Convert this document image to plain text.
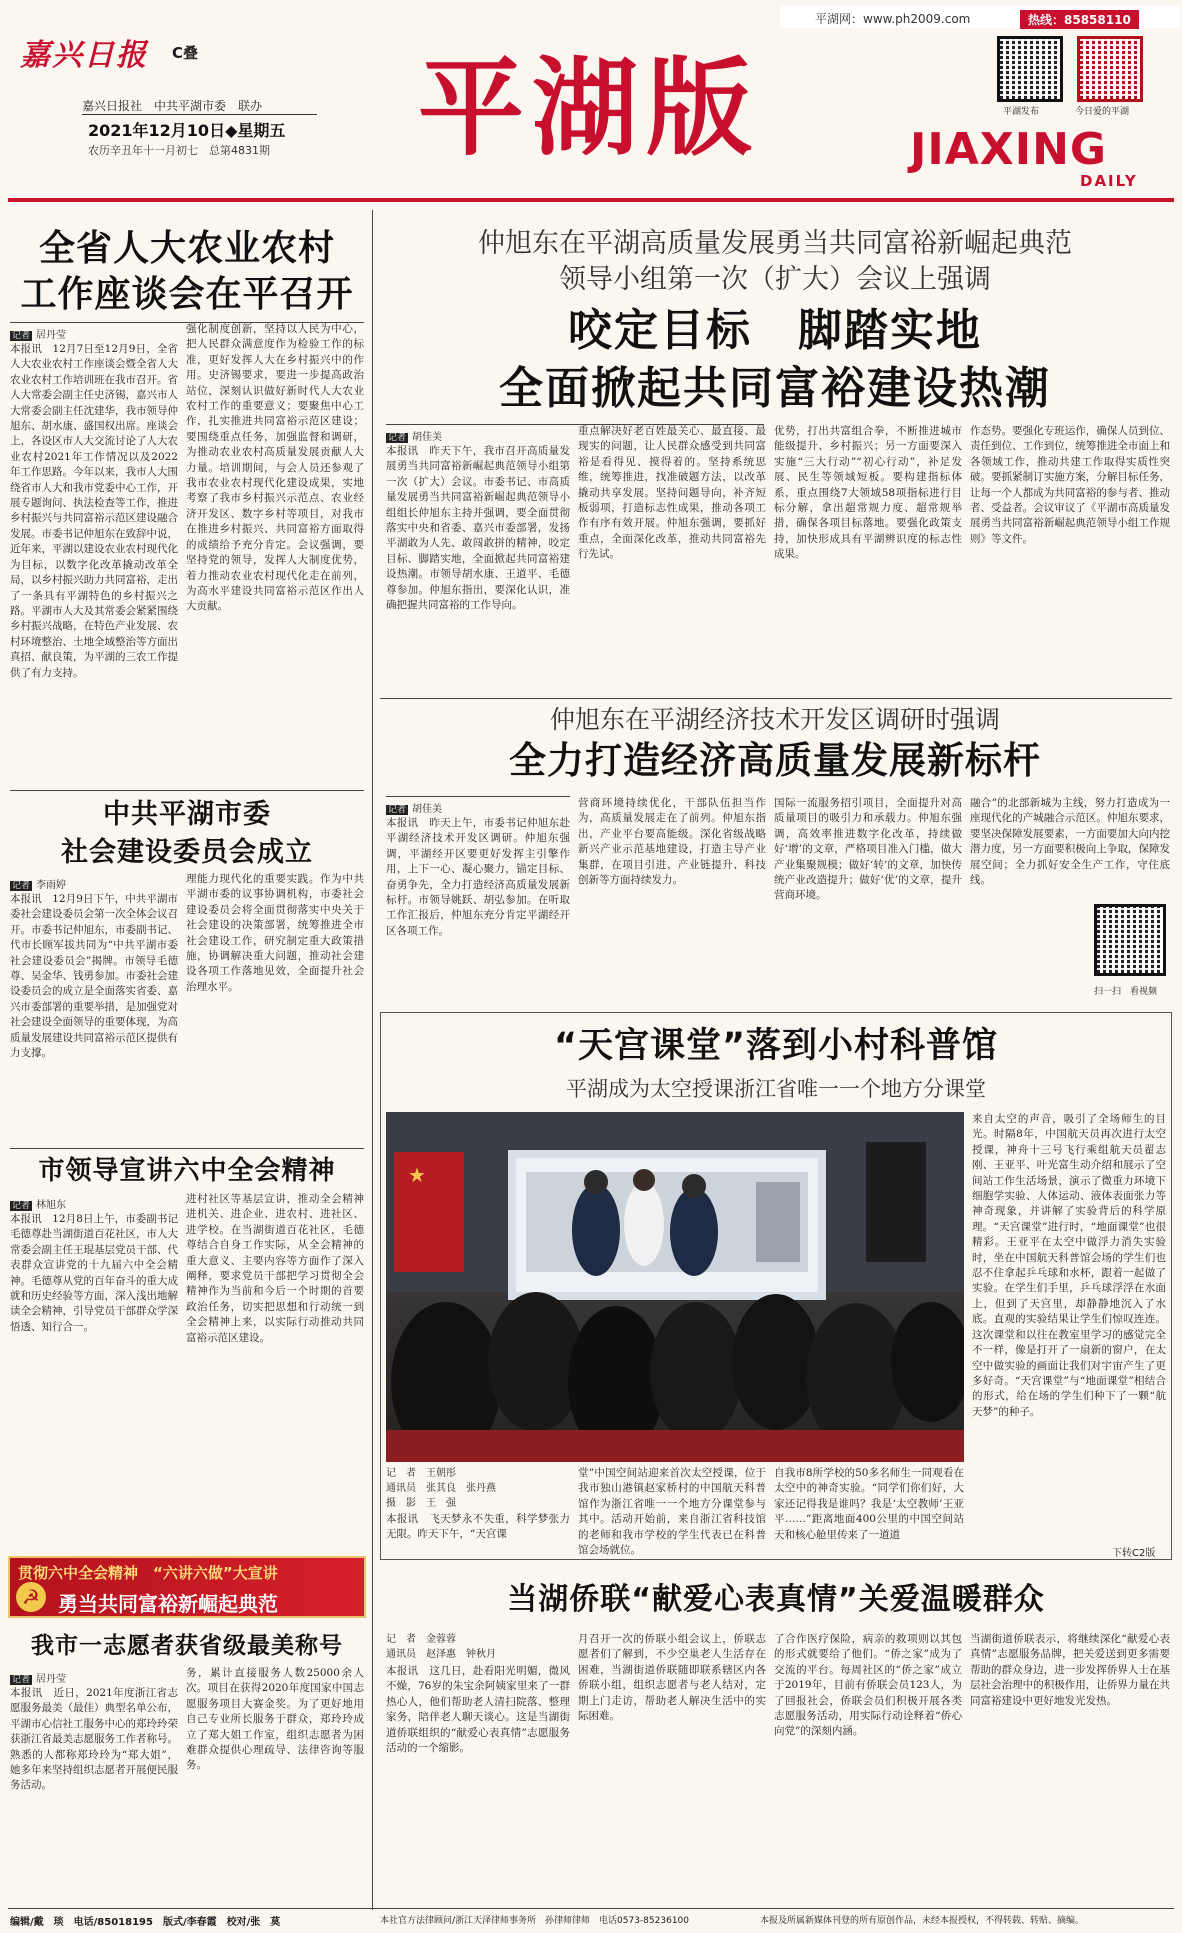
平湖网：www.ph2009.com	热线：85858110
嘉兴日报 C叠
嘉兴日报社　中共平湖市委　联办
2021年12月10日◆星期五
农历辛丑年十一月初七　总第4831期 平湖版	平湖发布	今日爱的平湖
JIAXING
DAILY
全省人大农业农村
工作座谈会在平召开
记者 居丹莹
本报讯　12月7日至12月9日，全省人大农业农村工作座谈会暨全省人大农业农村工作培训班在我市召开。省人大常委会副主任史济锡，嘉兴市人大常委会副主任沈建华，我市领导仲旭东、胡水康、盛国权出席。座谈会上，各设区市人大交流讨论了人大农业农村2021年工作情况以及2022年工作思路。今年以来，我市人大围绕省市人大和我市党委中心工作，开展专题询问、执法检查等工作，推进乡村振兴与共同富裕示范区建设融合发展。市委书记仲旭东在致辞中说，近年来，平湖以建设农业农村现代化为目标，以数字化改革撬动改革全局，以乡村振兴助力共同富裕，走出了一条具有平湖特色的乡村振兴之路。平湖市人大及其常委会紧紧围绕乡村振兴战略，在特色产业发展、农村环境整治、土地全域整治等方面出真招、献良策，为平湖的三农工作提供了有力支持。
强化制度创新，坚持以人民为中心，把人民群众满意度作为检验工作的标准，更好发挥人大在乡村振兴中的作用。史济锡要求，要进一步提高政治站位，深刻认识做好新时代人大农业农村工作的重要意义；要聚焦中心工作，扎实推进共同富裕示范区建设；要围绕重点任务，加强监督和调研，为推动农业农村高质量发展贡献人大力量。培训期间，与会人员还参观了我市农业农村现代化建设成果，实地考察了我市乡村振兴示范点、农业经济开发区、数字乡村等项目，对我市在推进乡村振兴、共同富裕方面取得的成绩给予充分肯定。会议强调，要坚持党的领导，发挥人大制度优势，着力推动农业农村现代化走在前列，为高水平建设共同富裕示范区作出人大贡献。
中共平湖市委
社会建设委员会成立
记者 李雨婷
本报讯　12月9日下午，中共平湖市委社会建设委员会第一次全体会议召开。市委书记仲旭东，市委副书记、代市长顾军拔共同为“中共平湖市委社会建设委员会”揭牌。市领导毛德尊、吴金华、钱勇参加。市委社会建设委员会的成立是全面落实省委、嘉兴市委部署的重要举措，是加强党对社会建设全面领导的重要体现，为高质量发展建设共同富裕示范区提供有力支撑。
理能力现代化的重要实践。作为中共平湖市委的议事协调机构，市委社会建设委员会将全面贯彻落实中央关于社会建设的决策部署，统筹推进全市社会建设工作，研究制定重大政策措施，协调解决重大问题，推动社会建设各项工作落地见效，全面提升社会治理水平。
市领导宣讲六中全会精神
记者 林旭东
本报讯　12月8日上午，市委副书记毛德尊赴当湖街道百花社区，市人大常委会副主任王琨基层党员干部、代表群众宣讲党的十九届六中全会精神。毛德尊从党的百年奋斗的重大成就和历史经验等方面，深入浅出地解读全会精神，引导党员干部群众学深悟透、知行合一。
进村社区等基层宣讲，推动全会精神进机关、进企业、进农村、进社区、进学校。在当湖街道百花社区，毛德尊结合自身工作实际，从全会精神的重大意义、主要内容等方面作了深入阐释，要求党员干部把学习贯彻全会精神作为当前和今后一个时期的首要政治任务，切实把思想和行动统一到全会精神上来，以实际行动推动共同富裕示范区建设。
☭
贯彻六中全会精神　“六讲六做”大宣讲
勇当共同富裕新崛起典范
我市一志愿者获省级最美称号
记者 居丹莹
本报讯　近日，2021年度浙江省志愿服务最美（最佳）典型名单公布，平湖市心信社工服务中心的郑玲玲荣获浙江省最美志愿服务工作者称号。熟悉的人都称郑玲玲为“郑大姐”，她多年来坚持组织志愿者开展便民服务活动。
务，累计直接服务人数25000余人次。项目在获得2020年度国家中国志愿服务项目大赛金奖。为了更好地用自己专业所长服务于群众，郑玲玲成立了郑大姐工作室，组织志愿者为困难群众提供心理疏导、法律咨询等服务。
仲旭东在平湖高质量发展勇当共同富裕新崛起典范
领导小组第一次（扩大）会议上强调
咬定目标　脚踏实地
全面掀起共同富裕建设热潮
记者 胡佳美
本报讯　昨天下午，我市召开高质量发展勇当共同富裕新崛起典范领导小组第一次（扩大）会议。市委书记、市高质量发展勇当共同富裕新崛起典范领导小组组长仲旭东主持并强调，要全面贯彻落实中央和省委、嘉兴市委部署，发扬平湖敢为人先、敢闯敢拼的精神，咬定目标、脚踏实地，全面掀起共同富裕建设热潮。市领导胡水康、王道平、毛德尊参加。仲旭东指出，要深化认识，准确把握共同富裕的工作导向。
重点解决好老百姓最关心、最直接、最现实的问题，让人民群众感受到共同富裕是看得见、摸得着的。坚持系统思维，统筹推进，找准破题方法，以改革撬动共享发展。坚持问题导向，补齐短板弱项，打造标志性成果，推动各项工作有序有效开展。仲旭东强调，要抓好重点，全面深化改革，推动共同富裕先行先试。
优势，打出共富组合拳，不断推进城市能级提升、乡村振兴；另一方面要深入实施“三大行动”“初心行动”，补足发展、民生等领域短板。要构建指标体系，重点围绕7大领域58项指标进行目标分解，拿出超常规力度、超常规举措，确保各项目标落地。要强化政策支持，加快形成具有平湖辨识度的标志性成果。
作态势。要强化专班运作，确保人员到位、责任到位、工作到位，统筹推进全市面上和各领域工作，推动共建工作取得实质性突破。要抓紧制订实施方案，分解目标任务，让每一个人都成为共同富裕的参与者、推动者、受益者。会议审议了《平湖市高质量发展勇当共同富裕新崛起典范领导小组工作规则》等文件。
仲旭东在平湖经济技术开发区调研时强调
全力打造经济高质量发展新标杆
记者 胡佳美
本报讯　昨天上午，市委书记仲旭东赴平湖经济技术开发区调研。仲旭东强调，平湖经开区要更好发挥主引擎作用，上下一心、凝心聚力，锚定目标、奋勇争先，全力打造经济高质量发展新标杆。市领导姚跃、胡弘参加。在听取工作汇报后，仲旭东充分肯定平湖经开区各项工作。
营商环境持续优化，干部队伍担当作为，高质量发展走在了前列。仲旭东指出，产业平台要高能级。深化省级战略新兴产业示范基地建设，打造主导产业集群，在项目引进、产业链提升、科技创新等方面持续发力。
国际一流服务招引项目，全面提升对高质量项目的吸引力和承载力。仲旭东强调，高效率推进数字化改革，持续做好‘增’的文章，严格项目准入门槛，做大产业集聚规模；做好‘转’的文章，加快传统产业改造提升；做好‘优’的文章，提升营商环境。
融合”的北部新城为主线，努力打造成为一座现代化的产城融合示范区。仲旭东要求，要坚决保障发展要素，一方面要加大向内挖潜力度，另一方面要积极向上争取，保障发展空间；全力抓好安全生产工作，守住底线。
扫一扫　看视频
“天宫课堂”落到小村科普馆
平湖成为太空授课浙江省唯一一个地方分课堂
★
来自太空的声音，吸引了全场师生的目光。时隔8年，中国航天员再次进行太空授课，神舟十三号飞行乘组航天员翟志刚、王亚平、叶光富生动介绍和展示了空间站工作生活场景，演示了微重力环境下细胞学实验、人体运动、液体表面张力等神奇现象，并讲解了实验背后的科学原理。“天宫课堂”进行时，“地面课堂”也很精彩。王亚平在太空中做浮力消失实验时，坐在中国航天科普馆会场的学生们也忍不住拿起乒乓球和水杯，跟着一起做了实验。在学生们手里，乒乓球浮浮在水面上，但到了天宫里，却静静地沉入了水底。直观的实验结果让学生们惊叹连连。这次课堂和以往在教室里学习的感觉完全不一样，像是打开了一扇新的窗户，在太空中做实验的画面让我们对宇宙产生了更多好奇。“天宫课堂”与“地面课堂”相结合的形式，给在场的学生们种下了一颗“航天梦”的种子。
下转C2版
记　者　王朝彤
通讯员　张其良　张丹燕
摄　影　王　强
本报讯　飞天梦永不失重，科学梦张力无限。昨天下午，“天宫课
堂”中国空间站迎来首次太空授课，位于我市独山港镇赵家桥村的中国航天科普馆作为浙江省唯一一个地方分课堂参与其中。活动开始前，来自浙江省科技馆的老师和我市学校的学生代表已在科普馆会场就位。
自我市8所学校的50多名师生一同观看在太空中的神奇实验。“同学们你们好，大家还记得我是谁吗？我是‘太空教师’王亚平……”距离地面400公里的中国空间站天和核心舱里传来了一道道
当湖侨联“献爱心表真情”关爱温暖群众
记　者　金蓉蓉
通讯员　赵泽惠　钟秋月
本报讯　这几日，赴看阳光明媚，微风不燥，76岁的朱宝余阿姨家里来了一群热心人，他们帮助老人清扫院落、整理家务，陪伴老人聊天谈心。这是当湖街道侨联组织的“献爱心表真情”志愿服务活动的一个缩影。
月召开一次的侨联小组会议上，侨联志愿者们了解到，不少空巢老人生活存在困难，当湖街道侨联随即联系辖区内各侨联小组，组织志愿者与老人结对，定期上门走访，帮助老人解决生活中的实际困难。
了合作医疗保险，病亲的救项则以其包的形式就要给了他们。“侨之家”成为了交流的平台。每周社区的“侨之家”成立于2019年，目前有侨联会员123人，为了回报社会，侨联会员们积极开展各类志愿服务活动，用实际行动诠释着“侨心向党”的深刻内涵。
当湖街道侨联表示，将继续深化“献爱心表真情”志愿服务品牌，把关爱送到更多需要帮助的群众身边，进一步发挥侨界人士在基层社会治理中的积极作用，让侨界力量在共同富裕建设中更好地发光发热。
编辑/戴　琰　电话/85018195　版式/李春霞　校对/张　莫	本社官方法律顾问/浙江天泽律师事务所　孙律师律师　电话0573-85236100	本报及所属新媒体刊登的所有原创作品，未经本报授权，不得转载、转贴、摘编。
